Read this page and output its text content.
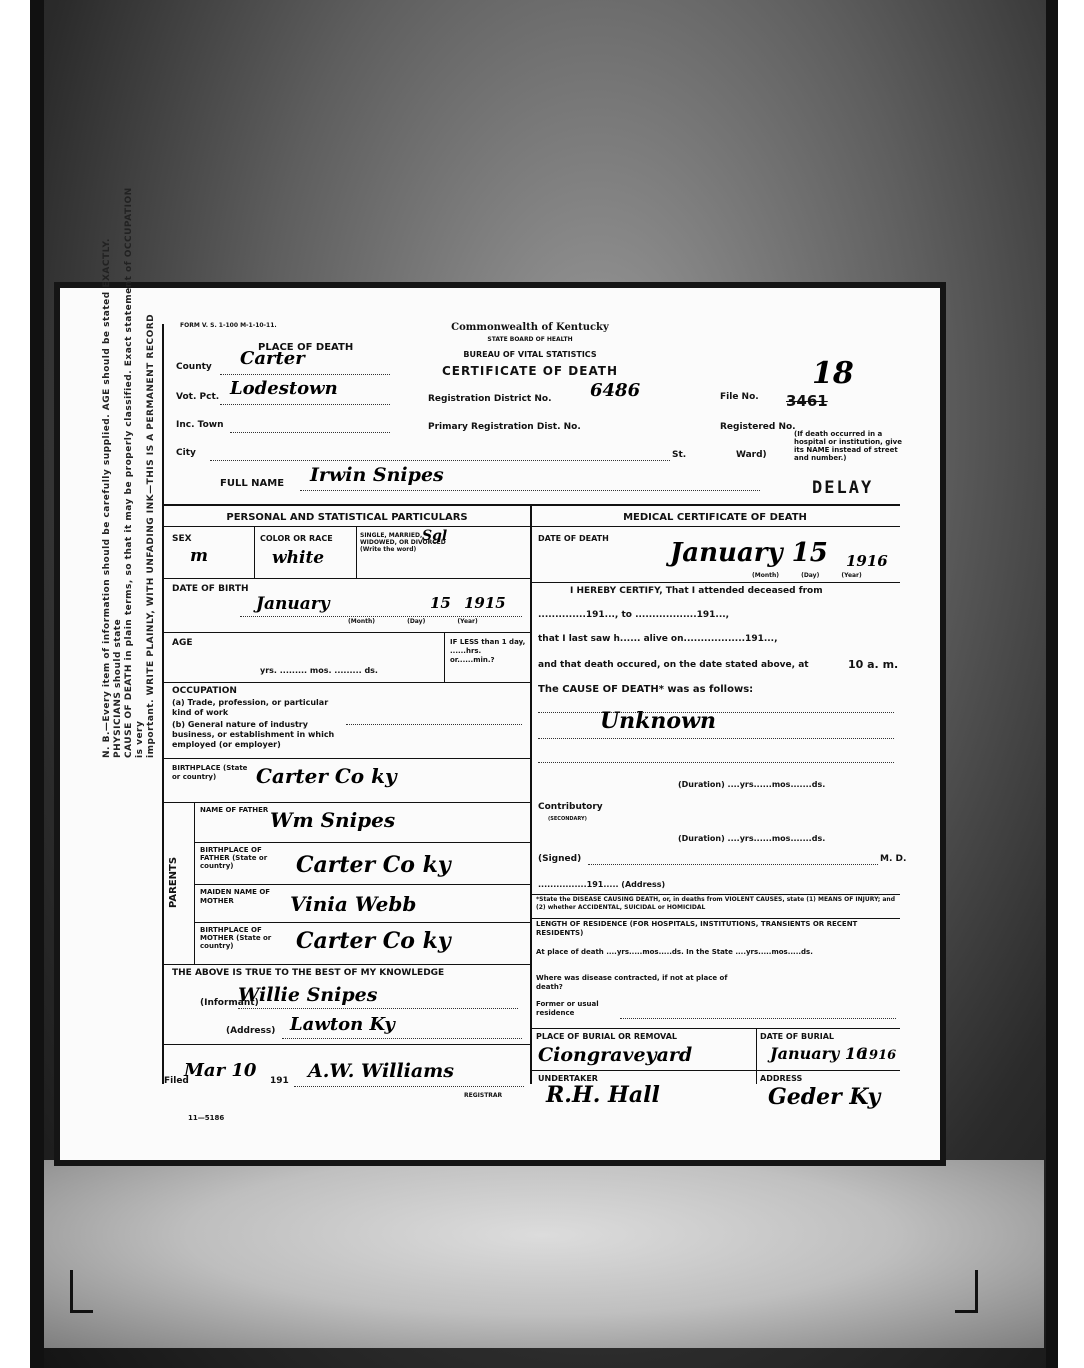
N. B.—Every item of information should be carefully supplied. AGE should be stated EXACTLY. PHYSICIANS should state CAUSE OF DEATH in plain terms, so that it may be properly classified. Exact statement of OCCUPATION is very important. WRITE PLAINLY, WITH UNFADING INK—THIS IS A PERMANENT RECORD	FORM V. S. 1-100 M-1-10-11.	Commonwealth of Kentucky
STATE BOARD OF HEALTH
BUREAU OF VITAL STATISTICS
CERTIFICATE OF DEATH
PLACE OF DEATH
County Carter
Vot. Pct. Lodestown
Inc. Town
City	St.	Ward)
FULL NAME Irwin Snipes
Registration District No. 6486	File No. 3461
18
Primary Registration Dist. No.	Registered No.
(If death occurred in a hospital or institution, give its NAME instead of street and number.)
DELAY
PERSONAL AND STATISTICAL PARTICULARS
SEX
m
COLOR OR RACE
white
SINGLE, MARRIED, WIDOWED, OR DIVORCED (Write the word)
Sgl
DATE OF BIRTH
January	15 1915
(Month) (Day) (Year)
AGE
yrs. ......... mos. ......... ds.
IF LESS than 1 day, ......hrs. or......min.?
OCCUPATION
(a) Trade, profession, or particular kind of work
(b) General nature of industry business, or establishment in which employed (or employer)
BIRTHPLACE (State or country)	Carter Co ky
PARENTS
NAME OF FATHER Wm Snipes
BIRTHPLACE OF FATHER (State or country)	Carter Co ky
MAIDEN NAME OF MOTHER	Vinia Webb
BIRTHPLACE OF MOTHER (State or country)	Carter Co ky
THE ABOVE IS TRUE TO THE BEST OF MY KNOWLEDGE
(Informant)
Willie Snipes
(Address) Lawton Ky
Filed
Mar 10 191 A.W. Williams
REGISTRAR
11—5186
MEDICAL CERTIFICATE OF DEATH
DATE OF DEATH January 15 1916
(Month) (Day) (Year)
I HEREBY CERTIFY, That I attended deceased from
..............191..., to ..................191...,
that I last saw h...... alive on..................191...,
and that death occured, on the date stated above, at	10 a. m.
The CAUSE OF DEATH* was as follows:
Unknown
(Duration) ....yrs......mos.......ds.
Contributory
(SECONDARY)
(Duration) ....yrs......mos.......ds.
(Signed)	M. D.
................191..... (Address)
*State the DISEASE CAUSING DEATH, or, in deaths from VIOLENT CAUSES, state (1) MEANS OF INJURY; and (2) whether ACCIDENTAL, SUICIDAL or HOMICIDAL
LENGTH OF RESIDENCE (FOR HOSPITALS, INSTITUTIONS, TRANSIENTS OR RECENT RESIDENTS)
At place of death ....yrs.....mos.....ds. In the State ....yrs.....mos.....ds.
Where was disease contracted, if not at place of death?
Former or usual residence
PLACE OF BURIAL OR REMOVAL
Ciongraveyard
DATE OF BURIAL
January 16
1916
UNDERTAKER
R.H. Hall
ADDRESS
Geder Ky
